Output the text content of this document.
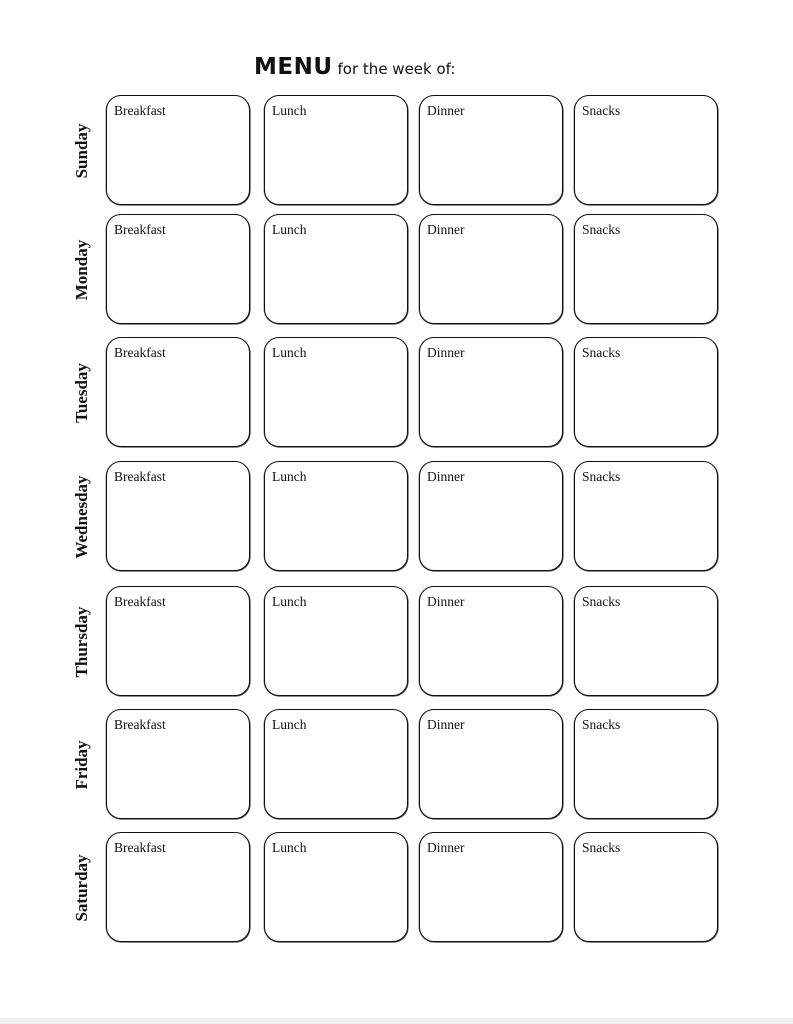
MENU for the week of:
Sunday
Breakfast	Lunch	Dinner	Snacks
Monday
Breakfast	Lunch	Dinner	Snacks
Tuesday
Breakfast	Lunch	Dinner	Snacks
Wednesday Breakfast	Lunch	Dinner	Snacks
Thursday
Breakfast	Lunch	Dinner	Snacks
Friday
Breakfast	Lunch	Dinner	Snacks
Saturday
Breakfast	Lunch	Dinner	Snacks
